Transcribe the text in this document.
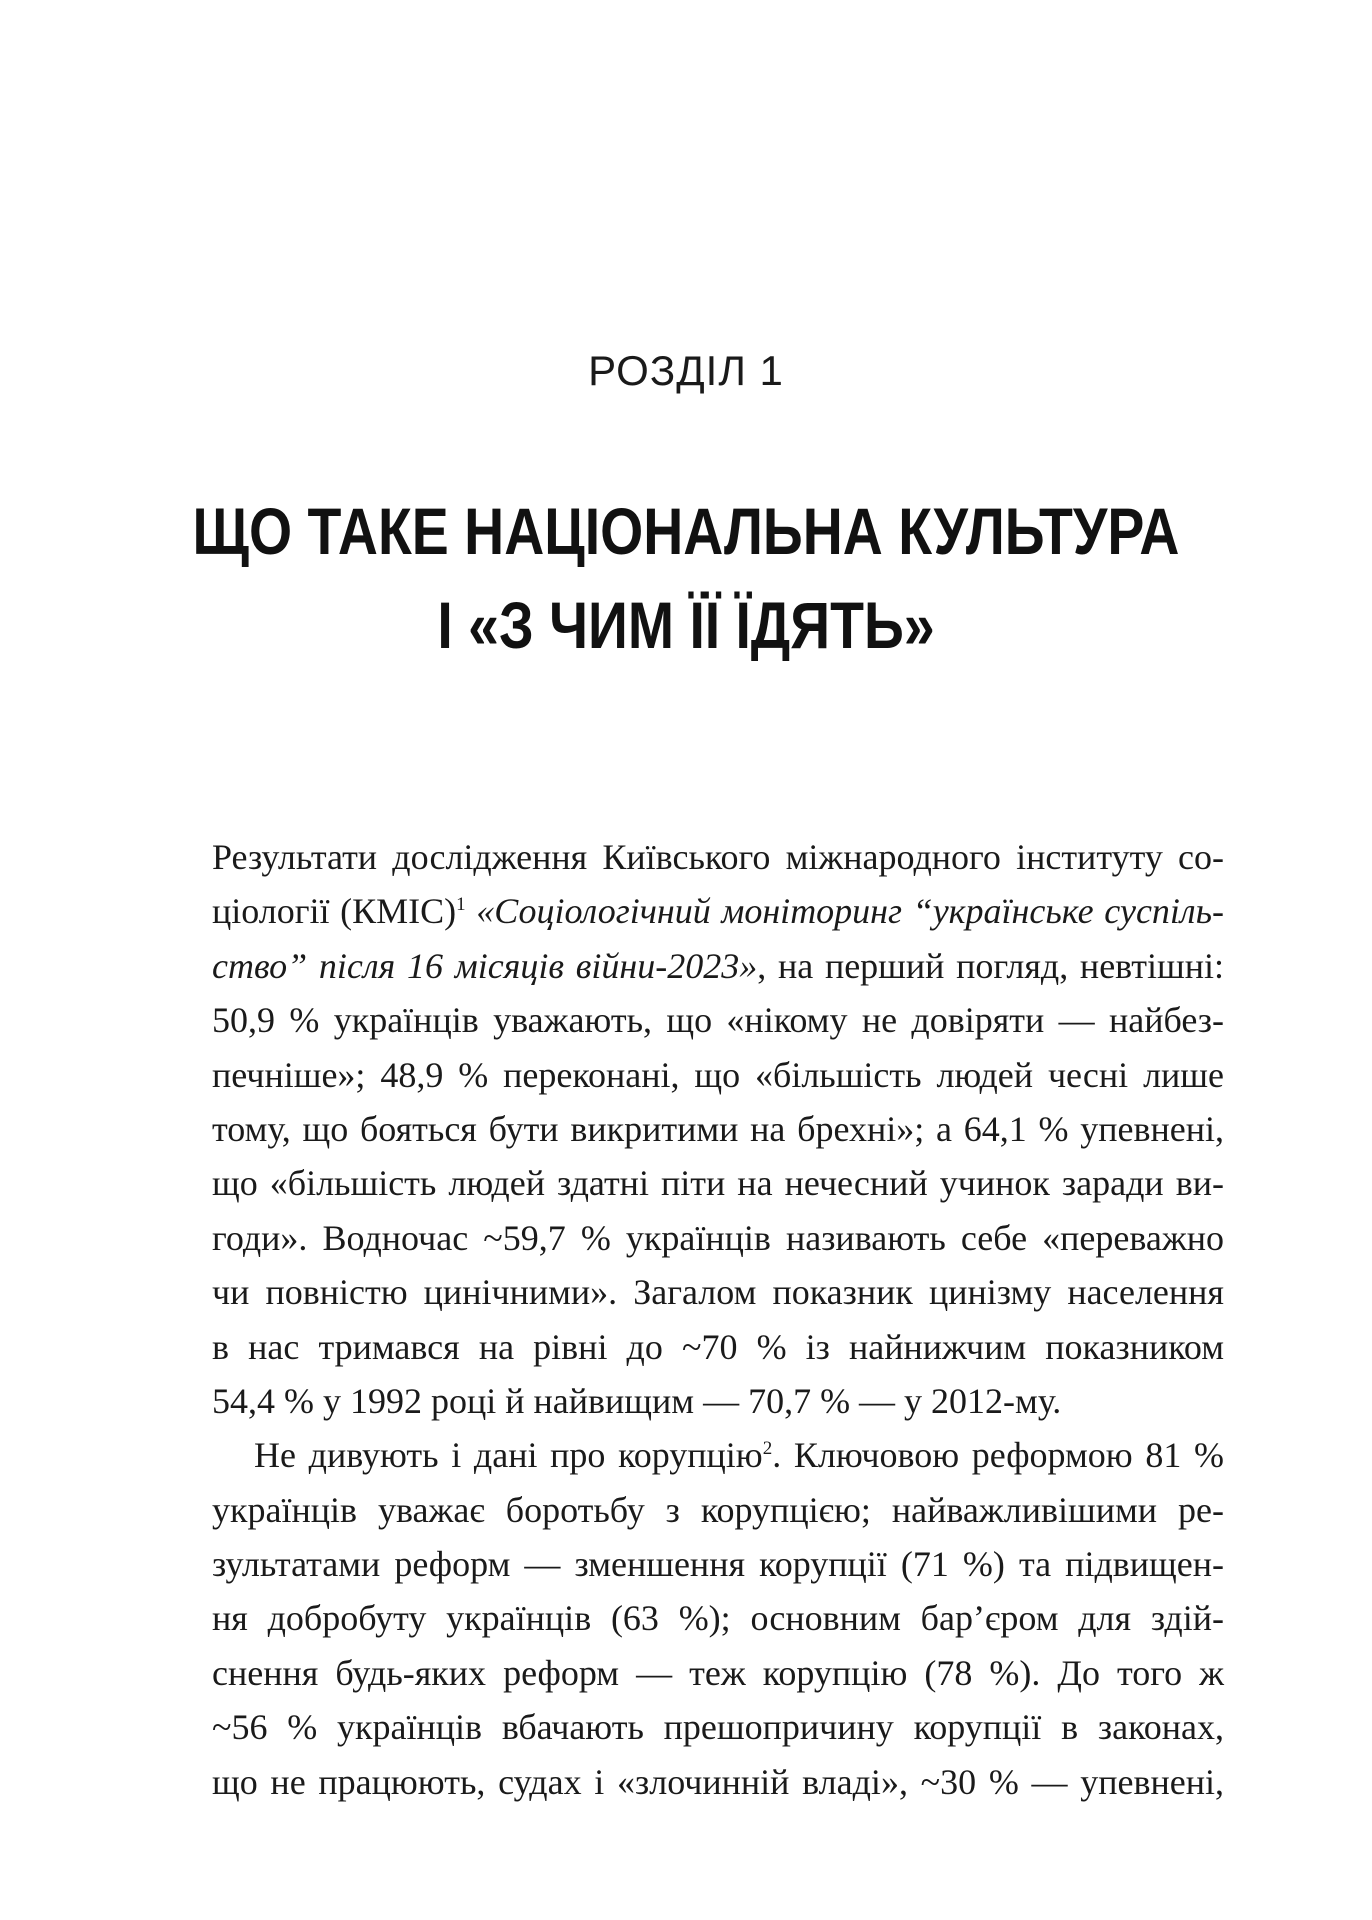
РОЗДІЛ 1
ЩО ТАКЕ НАЦІОНАЛЬНА КУЛЬТУРА
І «З ЧИМ ЇЇ ЇДЯТЬ»
Результати дослідження Київського міжнародного інституту со-
ціології (КМІС)$^1$ «Соціологічний моніторинг “українське суспіль-
ство” після 16 місяців війни-2023», на перший погляд, невтішні:
50,9 % українців уважають, що «нікому не довіряти — найбез-
печніше»; 48,9 % переконані, що «більшість людей чесні лише
тому, що бояться бути викритими на брехні»; а 64,1 % упевнені,
що «більшість людей здатні піти на нечесний учинок заради ви-
годи». Водночас ~59,7 % українців називають себе «переважно
чи повністю цинічними». Загалом показник цинізму населення
в нас тримався на рівні до ~70 % із найнижчим показником
54,4 % у 1992 році й найвищим — 70,7 % — у 2012-му.
Не дивують і дані про корупцію$^2$. Ключовою реформою 81 %
українців уважає боротьбу з корупцією; найважливішими ре-
зультатами реформ — зменшення корупції (71 %) та підвищен-
ня добробуту українців (63 %); основним бар’єром для здій-
снення будь-яких реформ — теж корупцію (78 %). До того ж
~56 % українців вбачають прешопричину корупції в законах,
що не працюють, судах і «злочинній владі», ~30 % — упевнені,
